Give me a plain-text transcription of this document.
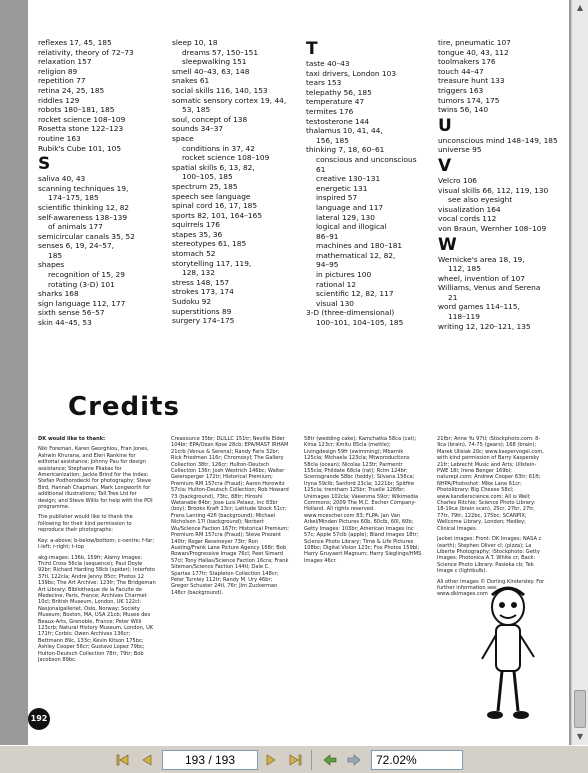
reflexes 17, 45, 185
relativity, theory of 72–73
relaxation 157
religion 89
repetition 77
retina 24, 25, 185
riddles 129
robots 180–181, 185
rocket science 108–109
Rosetta stone 122–123
routine 163
Rubik's Cube 101, 105
S
saliva 40, 43
scanning techniques 19,
174–175, 185
scientific thinking 12, 82
self-awareness 138–139
of animals 177
semicircular canals 35, 52
senses 6, 19, 24–57,
185
shapes
recognition of 15, 29
rotating (3-D) 101
sharks 168
sign language 112, 177
sixth sense 56–57
skin 44–45, 53
sleep 10, 18
dreams 57, 150–151
sleepwalking 151
smell 40–43, 63, 148
snakes 61
social skills 116, 140, 153
somatic sensory cortex 19, 44,
53, 185
soul, concept of 138
sounds 34–37
space
conditions in 37, 42
rocket science 108–109
spatial skills 6, 13, 82,
100–105, 185
spectrum 25, 185
speech see language
spinal cord 16, 17, 185
sports 82, 101, 164–165
squirrels 176
stapes 35, 36
stereotypes 61, 185
stomach 52
storytelling 117, 119,
128, 132
stress 148, 157
strokes 173, 174
Sudoku 92
superstitions 89
surgery 174–175
T
taste 40–43
taxi drivers, London 103
tears 153
telepathy 56, 185
temperature 47
termites 176
testosterone 144
thalamus 10, 41, 44,
156, 185
thinking 7, 18, 60–61
conscious and unconscious
61
creative 130–131
energetic 131
inspired 57
language and 117
lateral 129, 130
logical and illogical
86–91
machines and 180–181
mathematical 12, 82,
94–95
in pictures 100
rational 12
scientific 12, 82, 117
visual 130
3-D (three-dimensional)
100–101, 104–105, 185
tire, pneumatic 107
tongue 40, 43, 112
toolmakers 176
touch 44–47
treasure hunt 133
triggers 163
tumors 174, 175
twins 56, 140
U
unconscious mind 148–149, 185
universe 95
V
Velcro 106
visual skills 66, 112, 119, 130
see also eyesight
visualization 164
vocal cords 112
von Braun, Wernher 108–109
W
Wernicke's area 18, 19,
112, 185
wheel, invention of 107
Williams, Venus and Serena
21
word games 114–115,
118–119
writing 12, 120–121, 135
Credits

DK would like to thank:

Niki Foreman, Karen Georghiou, Fran Jones, Ashwin Khurana, and Eleri Rankine for editorial assistance; Johnny Pau for design assistance; Stephanie Pliakas for Americanization; Jackie Brind for the index; Stefan Podhorodecki for photography; Steve Bird, Hannah Chapman, Mark Longworth for additional illustrations; Tall Tree Ltd for design; and Steve Willis for help with the PDI programme.

The publisher would like to thank the following for their kind permission to reproduce their photographs:

Key: a-above; b-below/bottom; c-centre; f-far; l-left; r-right; t-top

akg-images: 136b, 159fr; Alamy Images: Third Cross 56cla (sequence); Paul Doyle 92br; Richard Harding 58cb (spider); Interfoto 37tl, 122cla; Andre Jenny 85cr; Photos 12 139bc; The Art Archive: 123fr; The Bridgeman Art Library: Bibliotheque de la Faculte de Medecine, Paris, France; Archives Charmet 10cl; British Museum, London, UK 122cl; Nasjonalgalleriet, Oslo, Norway; Society Museum; Boston, MA, USA 21cb; Musee des Beaux-Arts, Grenoble, France; Peter Willi 123crb; Natural History Museum, London, UK 171fr; Corbis: Owen Archives 136cr; Bettmann 89c, 133c; Kevin Kitson 175bc; Ashley Cooper 56cr; Gustavo Lopez 79bc; Hulton-Deutsch Collection 78tr, 79tr; Bob Jacobson 89bc.

Creasource 35br; DLILLC 151tr; Neville Elder 104br; EPA/Ozan Kose 28cb; EPA/MAST IRHAM 21crb (Venus & Serena); Randy Faris 32br; Rick Friedman 116r; Chromosyl; The Gallery Collection 38tr, 126cr; Hulton-Deutsch Collection 136r; Josh Westrich 146bc; Walter Geiersperger 172tr; Historical Premium; Premium RM 157cra (Fraud); Aaron Horowitz 57cla; Hulton-Deutsch Collection; Rob Howard 73 (background), 73tc, 88tr; Hiroshi Watanabe 84br; Jose Luis Pelaez, Inc 83br (boy); Brooks Kraft 13cr; Latitude Stock 51cr; Frans Lanting 42fl (background); Michael Nicholson 17l (background); Norbert Wu/Science Faction 167tr; Historical Premium; Premium RM 157cra (Fraud); Steve Prezant 140tr; Roger Ressmeyer 73tr; Ron Austing/Frank Lane Picture Agency 168r; Bob Rowan/Progressive Image 76cl; Peet Simard 57cl; Tony Hallas/Science Faction 16cra; Frank Siteman/Science Faction 144tl; Dale C. Spartas 177tr; Stapleton Collection 148cr; Peter Turnley 112tr; Randy M. Ury 46br; Gregor Schuster 24tl, 76r; Jim Zuckerman 148cr (background).

58tr (wedding cake); Kamchatka 58ca (cat); Kirsa 123cr; Kmitu 85cla (mettle); Livingdesign 59fr (swimming); Mbarnik 125cla; Michaela 123cla; Mtworoductions 58cla (ocean); Nicolas 123tr; Parmentr 155cla; Phildate 68cla (rat); Rcim 124br; Scentsgrande 58bc (teddy); Silvana 156ca; Iryna 59clb; Sanford 23cla; 1221br; Spitfire 125cla; trentham 125br; Truelle 126fbr; Unimages 102cla; Vaeenma 59cr; Wikimedia Commons; 2009 The M.C. Escher Company-Holland. All rights reserved. www.mcescher.com 83; FLPA: Jan Van Arkel/Minden Pictures 60b, 60clb, 60l, 60b; Getty Images: 103br; American Images Inc 57c; Apple 57clb (apple); Bland Images 18tr; Science Photo Library; Time & Life Pictures 108bc; Digital Vision 123c; Fox Photos 159bl; Harry Gruyaert Magnum; Harry Sieglings/HMS Images 46cr.

21fbr; Anne Yu 97tl; iStockphoto.com: 8-9ca (brain), 74-75 (gears); 168 (brain); Marek Ulisiak 20c; www.kaspervogel.com, with kind permission of Barry Kaspersky 21fr; Lebrecht Music and Arts; Ullstein-PWE 18l; Irene Benger 169bl; naturepl.com: Andrew Cooper 63tr; 61ft; NHPA/Photoshot: Mike Lane 61cr; Photolibrary: Big Cheese 58cl; www.kandlerscience.com; All is Well; Charles Ritchie; Science Photo Library: 18-19ca (brain scan), 25cr, 27br, 27tr, 77tr, 79tr, 122bc, 175bc; SCANPIX; Wellcome Library, London; Hedley; Clinical Images.

Jacket images: Front: DK Images: NASA c (earth); Stephen Oliver cl; (pizza); La Liberte Photography; iStockphoto: Getty Images: Photonica A.T. White cr; Back: Science Photo Library: Pasieka cb; Tek Image c (lightbulb).

All other images © Dorling Kindersley. For further information see: www.dkimages.com

192
▲
▼
193 / 193	72.02%
